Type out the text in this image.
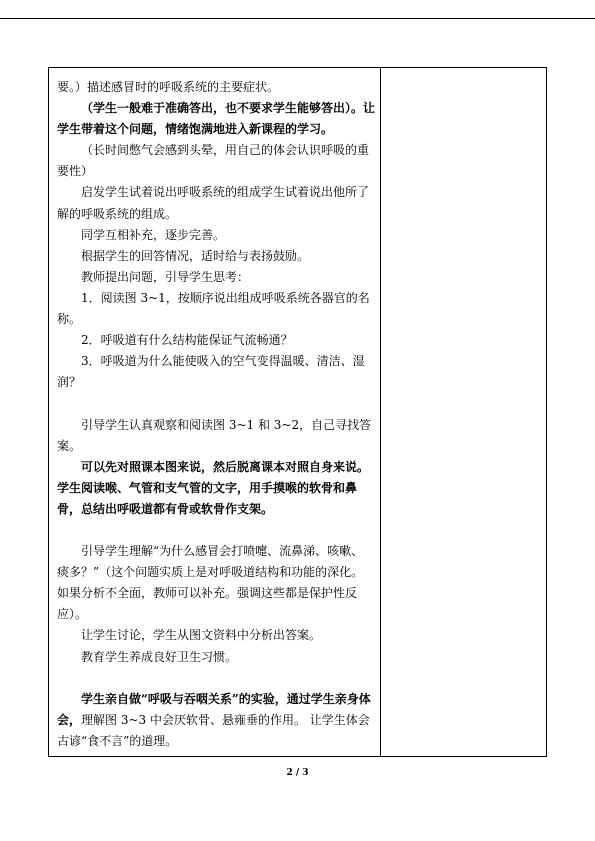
要。）描述感冒时的呼吸系统的主要症状。

（学生一般难于准确答出，也不要求学生能够答出）。让学生带着这个问题，情绪饱满地进入新课程的学习。

（长时间憋气会感到头晕，用自己的体会认识呼吸的重要性）

启发学生试着说出呼吸系统的组成学生试着说出他所了解的呼吸系统的组成。

同学互相补充，逐步完善。

根据学生的回答情况，适时给与表扬鼓励。

教师提出问题，引导学生思考：

1．阅读图 3~1，按顺序说出组成呼吸系统各器官的名称。

2．呼吸道有什么结构能保证气流畅通？

3．呼吸道为什么能使吸入的空气变得温暖、清洁、湿润？

引导学生认真观察和阅读图 3~1 和 3~2，自己寻找答案。

可以先对照课本图来说，然后脱离课本对照自身来说。学生阅读喉、气管和支气管的文字，用手摸喉的软骨和鼻骨，总结出呼吸道都有骨或软骨作支架。

引导学生理解“为什么感冒会打喷嚏、流鼻涕、咳嗽、痰多？”（这个问题实质上是对呼吸道结构和功能的深化。如果分析不全面，教师可以补充。强调这些都是保护性反应）。

让学生讨论，学生从图文资料中分析出答案。

教育学生养成良好卫生习惯。

学生亲自做“呼吸与吞咽关系”的实验，通过学生亲身体会，理解图 3~3 中会厌软骨、悬雍垂的作用。 让学生体会古谚“食不言”的道理。

2 / 3
